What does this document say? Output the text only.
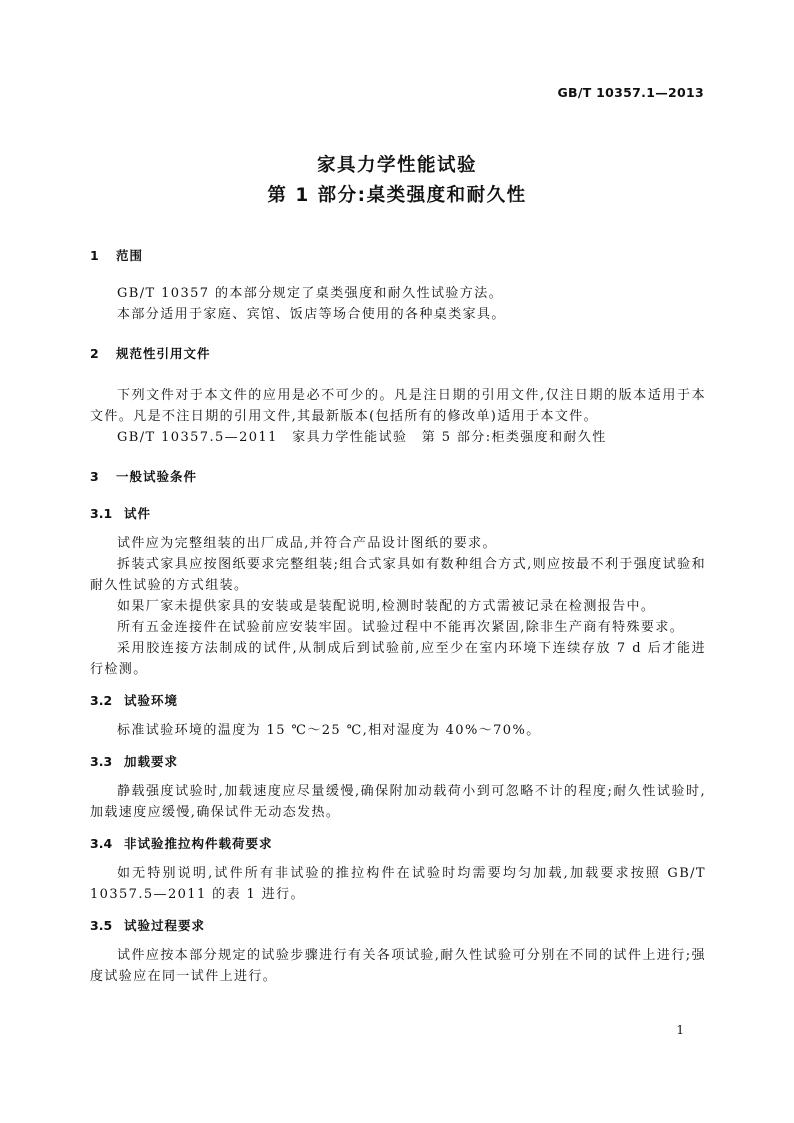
GB/T 10357.1—2013
家具力学性能试验
第 1 部分:桌类强度和耐久性
1 范围

GB/T 10357 的本部分规定了桌类强度和耐久性试验方法。

本部分适用于家庭、宾馆、饭店等场合使用的各种桌类家具。

2 规范性引用文件

下列文件对于本文件的应用是必不可少的。凡是注日期的引用文件,仅注日期的版本适用于本文件。凡是不注日期的引用文件,其最新版本(包括所有的修改单)适用于本文件。

GB/T 10357.5—2011　家具力学性能试验　第 5 部分:柜类强度和耐久性

3 一般试验条件
3.1 试件

试件应为完整组装的出厂成品,并符合产品设计图纸的要求。

拆装式家具应按图纸要求完整组装;组合式家具如有数种组合方式,则应按最不利于强度试验和耐久性试验的方式组装。

如果厂家未提供家具的安装或是装配说明,检测时装配的方式需被记录在检测报告中。

所有五金连接件在试验前应安装牢固。试验过程中不能再次紧固,除非生产商有特殊要求。

采用胶连接方法制成的试件,从制成后到试验前,应至少在室内环境下连续存放 7 d 后才能进行检测。

3.2 试验环境

标准试验环境的温度为 15 ℃～25 ℃,相对湿度为 40%～70%。

3.3 加载要求

静载强度试验时,加载速度应尽量缓慢,确保附加动载荷小到可忽略不计的程度;耐久性试验时,加载速度应缓慢,确保试件无动态发热。

3.4 非试验推拉构件载荷要求

如无特别说明,试件所有非试验的推拉构件在试验时均需要均匀加载,加载要求按照 GB/T 10357.5—2011 的表 1 进行。

3.5 试验过程要求

试件应按本部分规定的试验步骤进行有关各项试验,耐久性试验可分别在不同的试件上进行;强度试验应在同一试件上进行。

1
